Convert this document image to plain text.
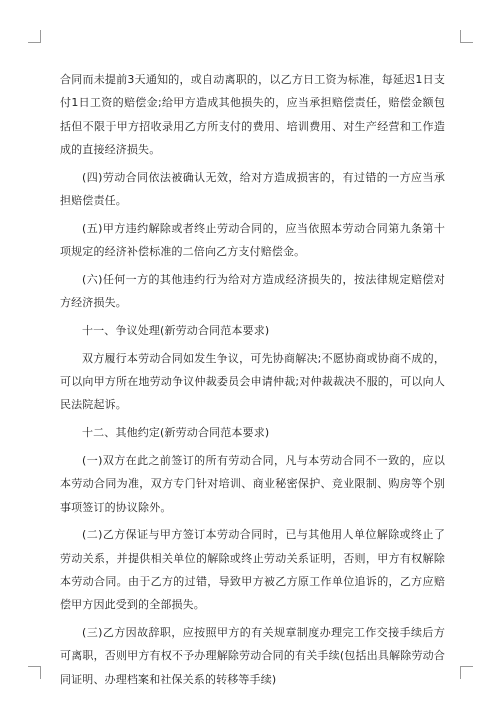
合同而未提前3天通知的，或自动离职的，以乙方日工资为标准，每延迟1日支付1日工资的赔偿金;给甲方造成其他损失的，应当承担赔偿责任，赔偿金额包括但不限于甲方招收录用乙方所支付的费用、培训费用、对生产经营和工作造成的直接经济损失。

(四)劳动合同依法被确认无效，给对方造成损害的，有过错的一方应当承担赔偿责任。

(五)甲方违约解除或者终止劳动合同的，应当依照本劳动合同第九条第十项规定的经济补偿标准的二倍向乙方支付赔偿金。

(六)任何一方的其他违约行为给对方造成经济损失的，按法律规定赔偿对方经济损失。

十一、争议处理(新劳动合同范本要求)

双方履行本劳动合同如发生争议，可先协商解决;不愿协商或协商不成的，可以向甲方所在地劳动争议仲裁委员会申请仲裁;对仲裁裁决不服的，可以向人民法院起诉。

十二、其他约定(新劳动合同范本要求)

(一)双方在此之前签订的所有劳动合同，凡与本劳动合同不一致的，应以本劳动合同为准，双方专门针对培训、商业秘密保护、竞业限制、购房等个别事项签订的协议除外。

(二)乙方保证与甲方签订本劳动合同时，已与其他用人单位解除或终止了劳动关系，并提供相关单位的解除或终止劳动关系证明，否则，甲方有权解除本劳动合同。由于乙方的过错，导致甲方被乙方原工作单位追诉的，乙方应赔偿甲方因此受到的全部损失。

(三)乙方因故辞职，应按照甲方的有关规章制度办理完工作交接手续后方可离职，否则甲方有权不予办理解除劳动合同的有关手续(包括出具解除劳动合同证明、办理档案和社保关系的转移等手续)
